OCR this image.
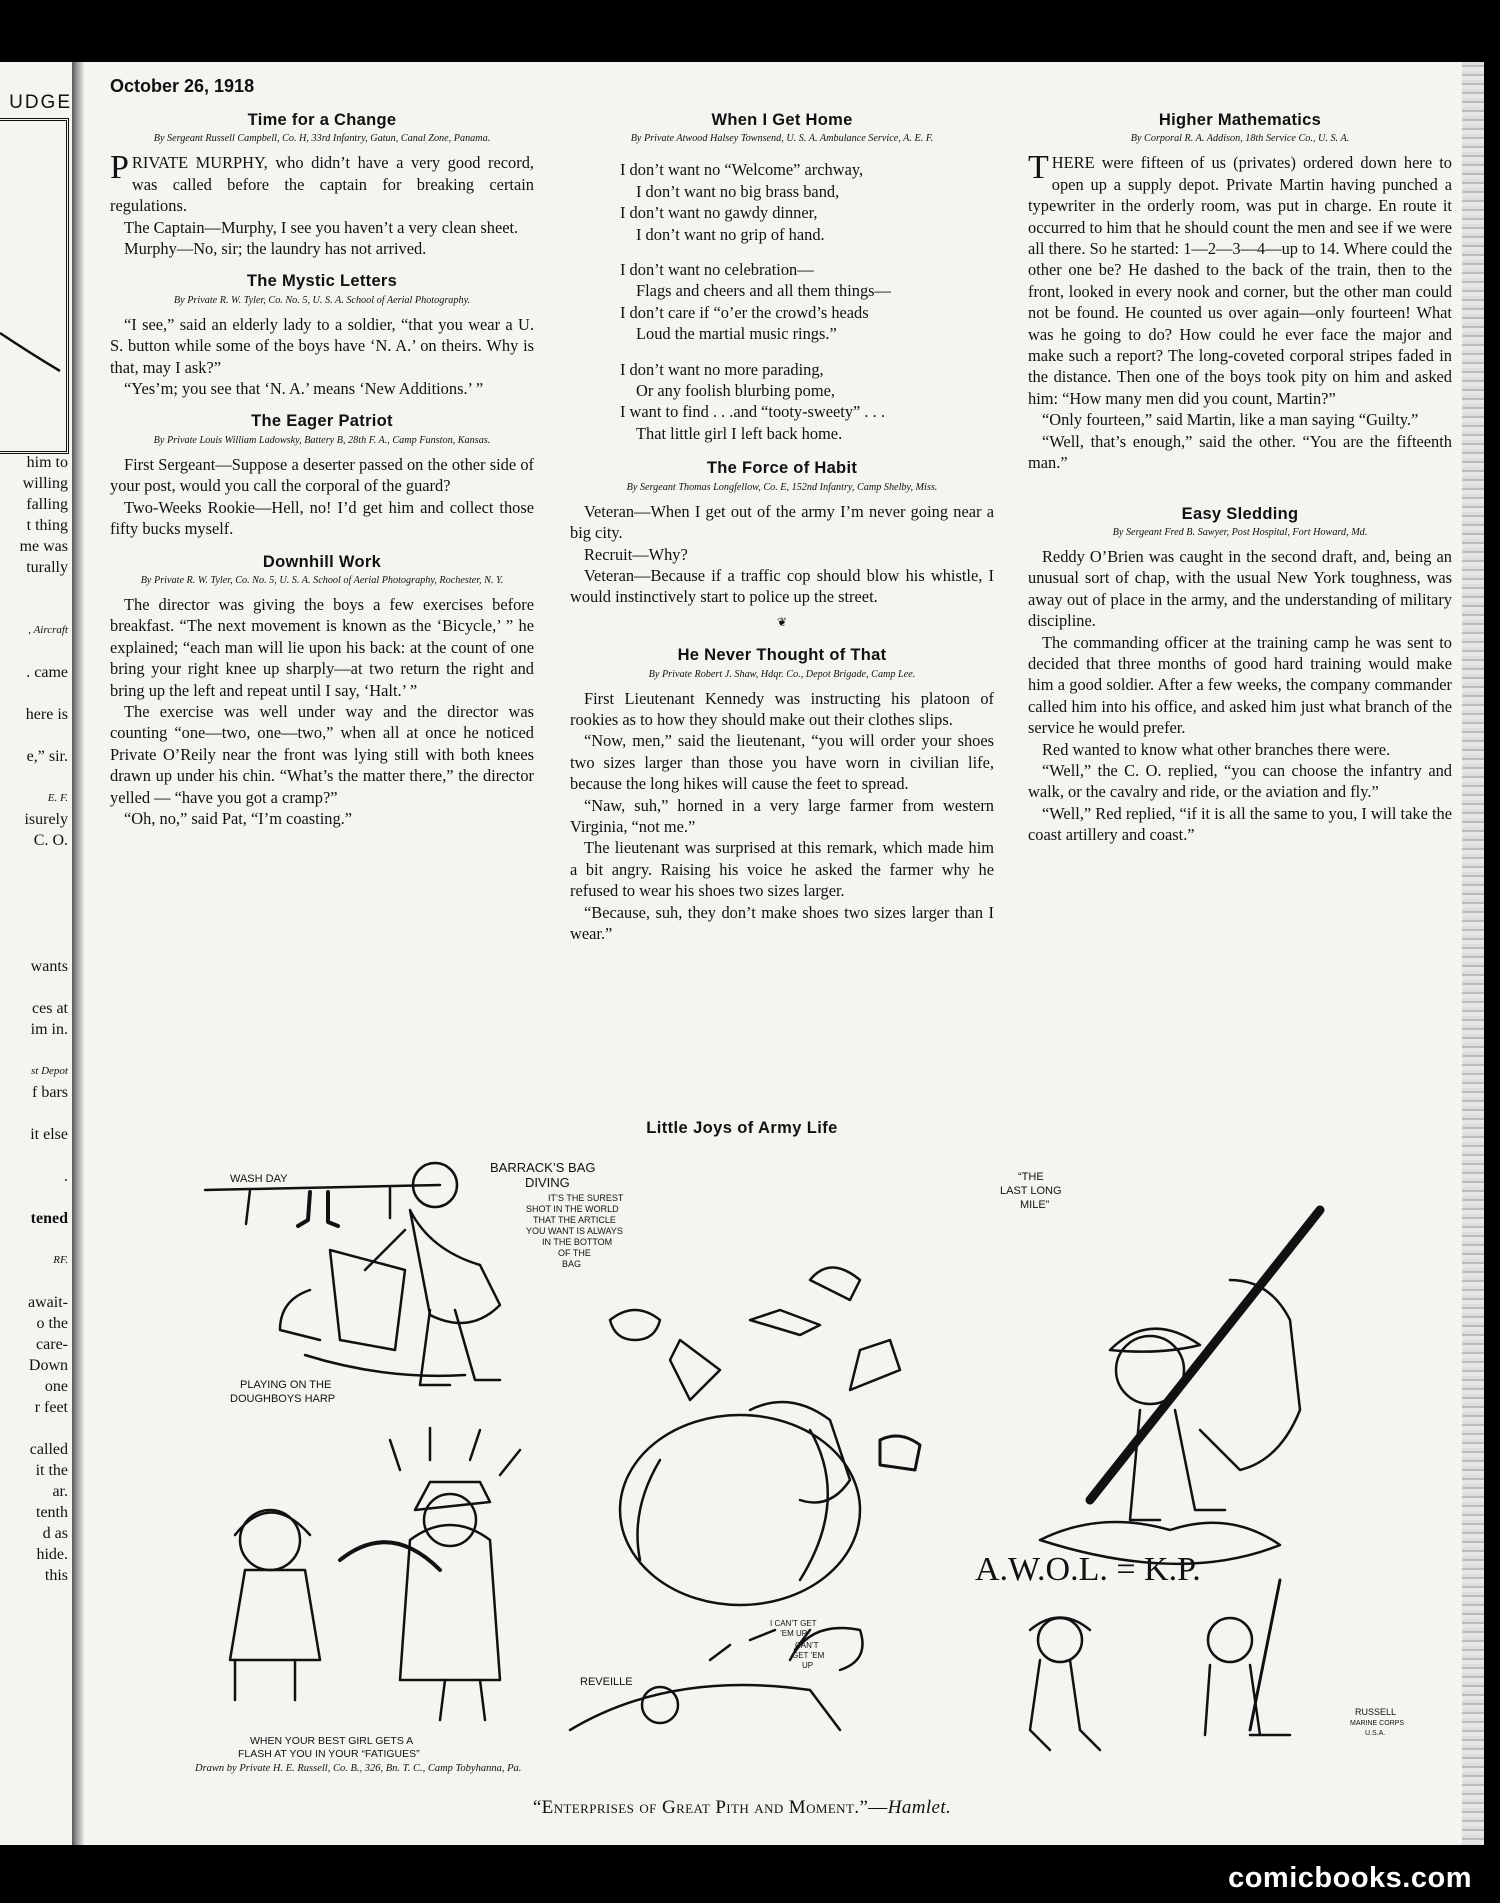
UDGE
him to
willing
falling
t thing
me was
turally

, Aircraft

. came

here is

e,” sir.

E. F.
isurely
C. O.

wants

ces at
im in.

st Depot
f bars

it else

.

tened

RF.

await-
o the
care-
Down
one
r feet

called
it the
ar.
tenth
d as
hide.
this
October 26, 1918
Time for a Change
By Sergeant Russell Campbell, Co. H, 33rd Infantry, Gatun, Canal Zone, Panama.

PRIVATE MURPHY, who didn’t have a very good record, was called before the captain for breaking certain regulations.

The Captain—Murphy, I see you haven’t a very clean sheet.

Murphy—No, sir; the laundry has not arrived.

The Mystic Letters
By Private R. W. Tyler, Co. No. 5, U. S. A. School of Aerial Photography.

“I see,” said an elderly lady to a soldier, “that you wear a U. S. button while some of the boys have ‘N. A.’ on theirs. Why is that, may I ask?”

“Yes’m; you see that ‘N. A.’ means ‘New Additions.’ ”

The Eager Patriot
By Private Louis William Ladowsky, Battery B, 28th F. A., Camp Funston, Kansas.

First Sergeant—Suppose a deserter passed on the other side of your post, would you call the corporal of the guard?

Two-Weeks Rookie—Hell, no! I’d get him and collect those fifty bucks myself.

Downhill Work
By Private R. W. Tyler, Co. No. 5, U. S. A. School of Aerial Photography, Rochester, N. Y.

The director was giving the boys a few exercises before breakfast. “The next movement is known as the ‘Bicycle,’ ” he explained; “each man will lie upon his back: at the count of one bring your right knee up sharply—at two return the right and bring up the left and repeat until I say, ‘Halt.’ ”

The exercise was well under way and the director was counting “one—two, one—two,” when all at once he noticed Private O’Reily near the front was lying still with both knees drawn up under his chin. “What’s the matter there,” the director yelled — “have you got a cramp?”

“Oh, no,” said Pat, “I’m coasting.”

When I Get Home
By Private Atwood Halsey Townsend, U. S. A. Ambulance Service, A. E. F.
I don’t want no “Welcome” archway,
I don’t want no big brass band,
I don’t want no gawdy dinner,
I don’t want no grip of hand.
I don’t want no celebration—
Flags and cheers and all them things—
I don’t care if “o’er the crowd’s heads
Loud the martial music rings.”
I don’t want no more parading,
Or any foolish blurbing pome,
I want to find . . .and “tooty-sweety” . . .
That little girl I left back home.
The Force of Habit
By Sergeant Thomas Longfellow, Co. E, 152nd Infantry, Camp Shelby, Miss.

Veteran—When I get out of the army I’m never going near a big city.

Recruit—Why?

Veteran—Because if a traffic cop should blow his whistle, I would instinctively start to police up the street.

❦
He Never Thought of That
By Private Robert J. Shaw, Hdqr. Co., Depot Brigade, Camp Lee.

First Lieutenant Kennedy was instructing his platoon of rookies as to how they should make out their clothes slips.

“Now, men,” said the lieutenant, “you will order your shoes two sizes larger than those you have worn in civilian life, because the long hikes will cause the feet to spread.

“Naw, suh,” horned in a very large farmer from western Virginia, “not me.”

The lieutenant was surprised at this remark, which made him a bit angry. Raising his voice he asked the farmer why he refused to wear his shoes two sizes larger.

“Because, suh, they don’t make shoes two sizes larger than I wear.”

Higher Mathematics
By Corporal R. A. Addison, 18th Service Co., U. S. A.

THERE were fifteen of us (privates) ordered down here to open up a supply depot. Private Martin having punched a typewriter in the orderly room, was put in charge. En route it occurred to him that he should count the men and see if we were all there. So he started: 1—2—3—4—up to 14. Where could the other one be? He dashed to the back of the train, then to the front, looked in every nook and corner, but the other man could not be found. He counted us over again—only fourteen! What was he going to do? How could he ever face the major and make such a report? The long-coveted corporal stripes faded in the distance. Then one of the boys took pity on him and asked him: “How many men did you count, Martin?”

“Only fourteen,” said Martin, like a man saying “Guilty.”

“Well, that’s enough,” said the other. “You are the fifteenth man.”

Easy Sledding
By Sergeant Fred B. Sawyer, Post Hospital, Fort Howard, Md.

Reddy O’Brien was caught in the second draft, and, being an unusual sort of chap, with the usual New York toughness, was away out of place in the army, and the understanding of military discipline.

The commanding officer at the training camp he was sent to decided that three months of good hard training would make him a good soldier. After a few weeks, the company commander called him into his office, and asked him just what branch of the service he would prefer.

Red wanted to know what other branches there were.

“Well,” the C. O. replied, “you can choose the infantry and walk, or the cavalry and ride, or the aviation and fly.”

“Well,” Red replied, “if it is all the same to you, I will take the coast artillery and coast.”

Little Joys of Army Life
WASH DAY
PLAYING ON THE
DOUGHBOYS HARP
BARRACK’S BAG
DIVING
IT’S THE SUREST
SHOT IN THE WORLD
THAT THE ARTICLE
YOU WANT IS ALWAYS
IN THE BOTTOM
OF THE
BAG
“THE
LAST LONG
MILE”
WHEN YOUR BEST GIRL GETS A
FLASH AT YOU IN YOUR “FATIGUES”
REVEILLE
I CAN’T GET
’EM UP
CAN’T
GET ’EM
UP
A.W.O.L. = K.P.
RUSSELL
MARINE CORPS
U.S.A.
Drawn by Private H. E. Russell, Co. B., 326, Bn. T. C., Camp Tobyhanna, Pa.
“Enterprises of Great Pith and Moment.”—Hamlet.
comicbooks.com
